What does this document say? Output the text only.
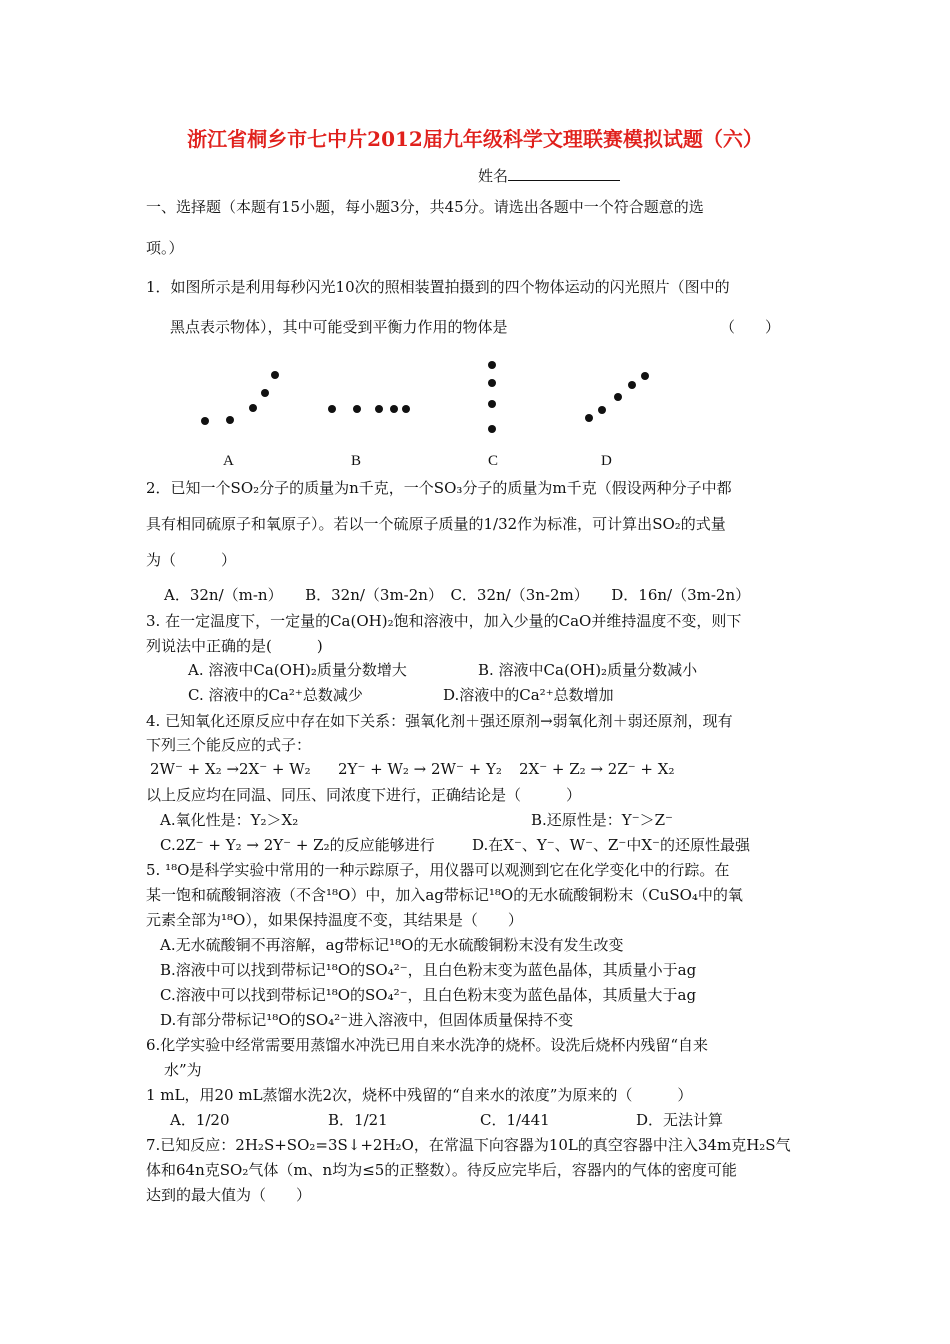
浙江省桐乡市七中片2012届九年级科学文理联赛模拟试题（六）
姓名
一、选择题（本题有15小题，每小题3分，共45分。请选出各题中一个符合题意的选
项。）
1．如图所示是利用每秒闪光10次的照相装置拍摄到的四个物体运动的闪光照片（图中的
黑点表示物体），其中可能受到平衡力作用的物体是	（　　）
A	B	C	D
2．已知一个SO₂分子的质量为n千克，一个SO₃分子的质量为m千克（假设两种分子中都
具有相同硫原子和氧原子）。若以一个硫原子质量的1/32作为标准，可计算出SO₂的式量
为（　　　）
A．32n/（m-n）　　B．32n/（3m-2n）　C．32n/（3n-2m）　　D．16n/（3m-2n）
3. 在一定温度下，一定量的Ca(OH)₂饱和溶液中，加入少量的CaO并维持温度不变，则下
列说法中正确的是(　　　)
A. 溶液中Ca(OH)₂质量分数增大	B. 溶液中Ca(OH)₂质量分数减小
C. 溶液中的Ca²⁺总数减少	D.溶液中的Ca²⁺总数增加
4. 已知氧化还原反应中存在如下关系：强氧化剂＋强还原剂→弱氧化剂＋弱还原剂，现有
下列三个能反应的式子：
2W⁻ + X₂ →2X⁻ + W₂ 2Y⁻ + W₂ → 2W⁻ + Y₂ 2X⁻ + Z₂ → 2Z⁻ + X₂
以上反应均在同温、同压、同浓度下进行，正确结论是（　　　）
A.氧化性是：Y₂＞X₂	B.还原性是：Y⁻＞Z⁻
C.2Z⁻ + Y₂ → 2Y⁻ + Z₂的反应能够进行 D.在X⁻、Y⁻、W⁻、Z⁻中X⁻的还原性最强
5. ¹⁸O是科学实验中常用的一种示踪原子，用仪器可以观测到它在化学变化中的行踪。在
某一饱和硫酸铜溶液（不含¹⁸O）中，加入ag带标记¹⁸O的无水硫酸铜粉末（CuSO₄中的氧
元素全部为¹⁸O），如果保持温度不变，其结果是（　　）
A.无水硫酸铜不再溶解，ag带标记¹⁸O的无水硫酸铜粉末没有发生改变
B.溶液中可以找到带标记¹⁸O的SO₄²⁻，且白色粉末变为蓝色晶体，其质量小于ag
C.溶液中可以找到带标记¹⁸O的SO₄²⁻，且白色粉末变为蓝色晶体，其质量大于ag
D.有部分带标记¹⁸O的SO₄²⁻进入溶液中，但固体质量保持不变
6.化学实验中经常需要用蒸馏水冲洗已用自来水洗净的烧杯。设洗后烧杯内残留“自来
水”为
1 mL，用20 mL蒸馏水洗2次，烧杯中残留的“自来水的浓度”为原来的（　　　）
A．1/20	B．1/21	C．1/441	D．无法计算
7.已知反应：2H₂S+SO₂=3S↓+2H₂O，在常温下向容器为10L的真空容器中注入34m克H₂S气
体和64n克SO₂气体（m、n均为≤5的正整数）。待反应完毕后，容器内的气体的密度可能
达到的最大值为（　　）
